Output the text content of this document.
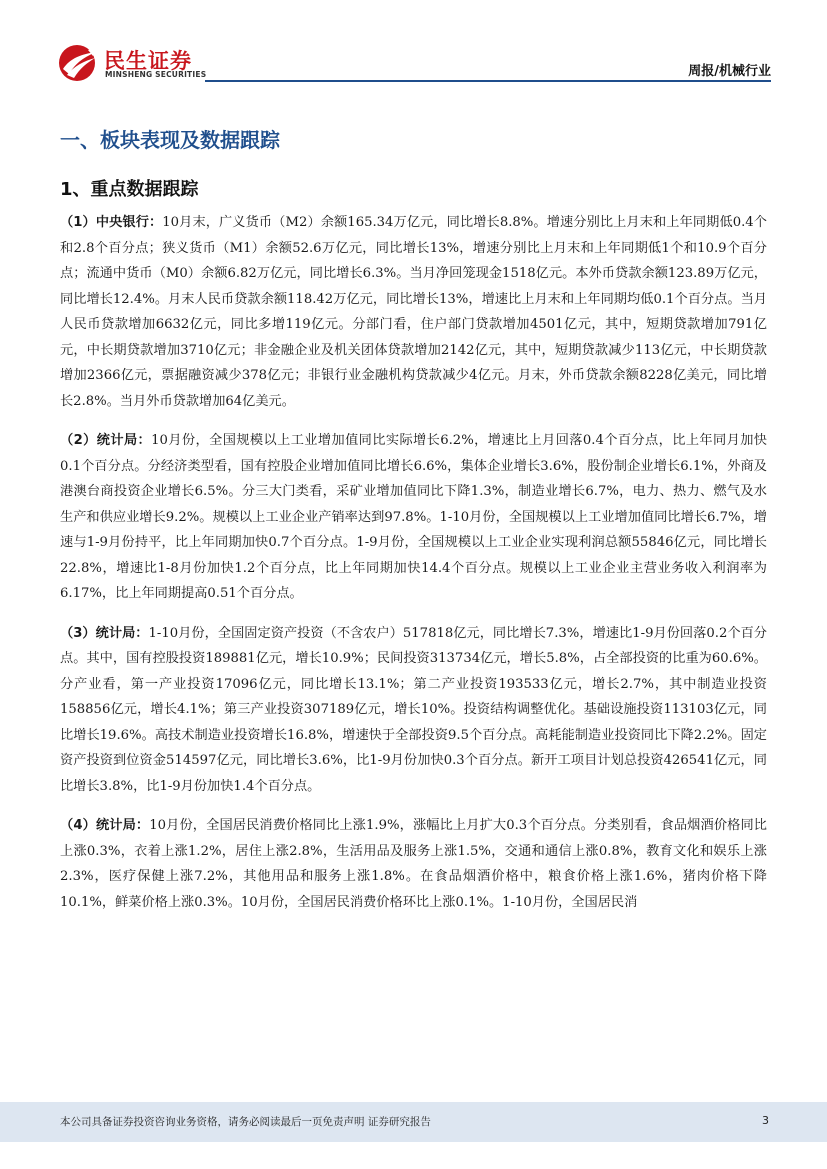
民生证券
MINSHENG SECURITIES	周报/机械行业
一、板块表现及数据跟踪
1、重点数据跟踪

（1）中央银行：10月末，广义货币（M2）余额165.34万亿元，同比增长8.8%。增速分别比上月末和上年同期低0.4个和2.8个百分点；狭义货币（M1）余额52.6万亿元，同比增长13%，增速分别比上月末和上年同期低1个和10.9个百分点；流通中货币（M0）余额6.82万亿元，同比增长6.3%。当月净回笼现金1518亿元。本外币贷款余额123.89万亿元，同比增长12.4%。月末人民币贷款余额118.42万亿元，同比增长13%，增速比上月末和上年同期均低0.1个百分点。当月人民币贷款增加6632亿元，同比多增119亿元。分部门看，住户部门贷款增加4501亿元，其中，短期贷款增加791亿元，中长期贷款增加3710亿元；非金融企业及机关团体贷款增加2142亿元，其中，短期贷款减少113亿元，中长期贷款增加2366亿元，票据融资减少378亿元；非银行业金融机构贷款减少4亿元。月末，外币贷款余额8228亿美元，同比增长2.8%。当月外币贷款增加64亿美元。

（2）统计局：10月份，全国规模以上工业增加值同比实际增长6.2%，增速比上月回落0.4个百分点，比上年同月加快0.1个百分点。分经济类型看，国有控股企业增加值同比增长6.6%，集体企业增长3.6%，股份制企业增长6.1%，外商及港澳台商投资企业增长6.5%。分三大门类看，采矿业增加值同比下降1.3%，制造业增长6.7%，电力、热力、燃气及水生产和供应业增长9.2%。规模以上工业企业产销率达到97.8%。1-10月份，全国规模以上工业增加值同比增长6.7%，增速与1-9月份持平，比上年同期加快0.7个百分点。1-9月份，全国规模以上工业企业实现利润总额55846亿元，同比增长22.8%，增速比1-8月份加快1.2个百分点，比上年同期加快14.4个百分点。规模以上工业企业主营业务收入利润率为6.17%，比上年同期提高0.51个百分点。

（3）统计局：1-10月份，全国固定资产投资（不含农户）517818亿元，同比增长7.3%，增速比1-9月份回落0.2个百分点。其中，国有控股投资189881亿元，增长10.9%；民间投资313734亿元，增长5.8%，占全部投资的比重为60.6%。分产业看，第一产业投资17096亿元，同比增长13.1%；第二产业投资193533亿元，增长2.7%，其中制造业投资158856亿元，增长4.1%；第三产业投资307189亿元，增长10%。投资结构调整优化。基础设施投资113103亿元，同比增长19.6%。高技术制造业投资增长16.8%，增速快于全部投资9.5个百分点。高耗能制造业投资同比下降2.2%。固定资产投资到位资金514597亿元，同比增长3.6%，比1-9月份加快0.3个百分点。新开工项目计划总投资426541亿元，同比增长3.8%，比1-9月份加快1.4个百分点。

（4）统计局：10月份，全国居民消费价格同比上涨1.9%，涨幅比上月扩大0.3个百分点。分类别看，食品烟酒价格同比上涨0.3%，衣着上涨1.2%，居住上涨2.8%，生活用品及服务上涨1.5%，交通和通信上涨0.8%，教育文化和娱乐上涨2.3%，医疗保健上涨7.2%，其他用品和服务上涨1.8%。在食品烟酒价格中，粮食价格上涨1.6%，猪肉价格下降10.1%，鲜菜价格上涨0.3%。10月份，全国居民消费价格环比上涨0.1%。1-10月份，全国居民消

本公司具备证券投资咨询业务资格，请务必阅读最后一页免责声明 证券研究报告	3
